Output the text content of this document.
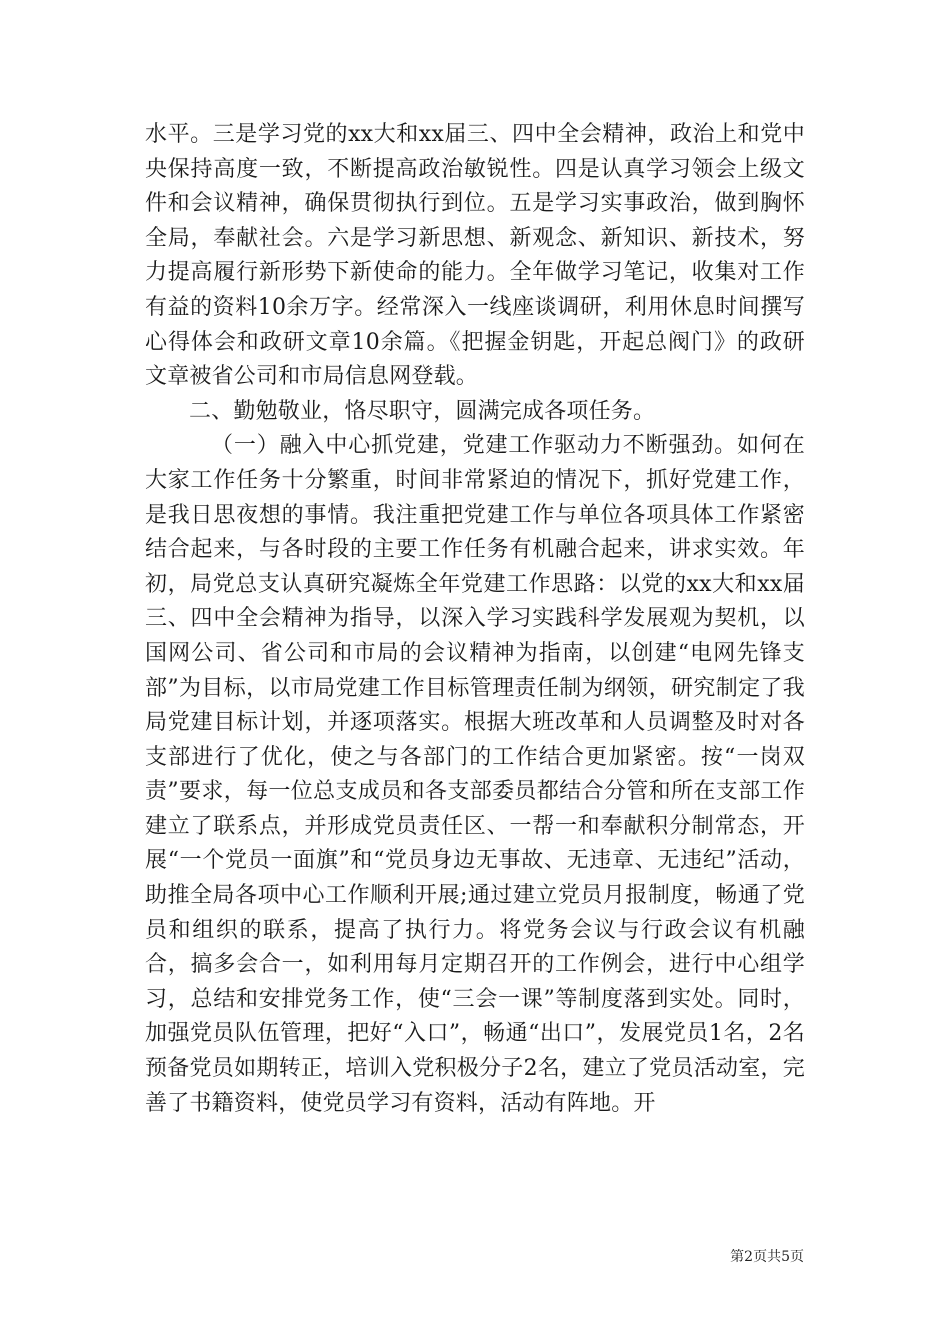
水平。三是学习党的xx大和xx届三、四中全会精神，政治上和党中央保持高度一致，不断提高政治敏锐性。四是认真学习领会上级文件和会议精神，确保贯彻执行到位。五是学习实事政治，做到胸怀全局，奉献社会。六是学习新思想、新观念、新知识、新技术，努力提高履行新形势下新使命的能力。全年做学习笔记，收集对工作有益的资料10余万字。经常深入一线座谈调研，利用休息时间撰写心得体会和政研文章10余篇。《把握金钥匙，开起总阀门》的政研文章被省公司和市局信息网登载。

二、勤勉敬业，恪尽职守，圆满完成各项任务。

（一）融入中心抓党建，党建工作驱动力不断强劲。如何在大家工作任务十分繁重，时间非常紧迫的情况下，抓好党建工作，是我日思夜想的事情。我注重把党建工作与单位各项具体工作紧密结合起来，与各时段的主要工作任务有机融合起来，讲求实效。年初，局党总支认真研究凝炼全年党建工作思路：以党的xx大和xx届三、四中全会精神为指导，以深入学习实践科学发展观为契机，以国网公司、省公司和市局的会议精神为指南，以创建“电网先锋支部”为目标，以市局党建工作目标管理责任制为纲领，研究制定了我局党建目标计划，并逐项落实。根据大班改革和人员调整及时对各支部进行了优化，使之与各部门的工作结合更加紧密。按“一岗双责”要求，每一位总支成员和各支部委员都结合分管和所在支部工作建立了联系点，并形成党员责任区、一帮一和奉献积分制常态，开展“一个党员一面旗”和“党员身边无事故、无违章、无违纪”活动，助推全局各项中心工作顺利开展;通过建立党员月报制度，畅通了党员和组织的联系，提高了执行力。将党务会议与行政会议有机融合，搞多会合一，如利用每月定期召开的工作例会，进行中心组学习，总结和安排党务工作，使“三会一课”等制度落到实处。同时，加强党员队伍管理，把好“入口”，畅通“出口”，发展党员1名，2名预备党员如期转正，培训入党积极分子2名，建立了党员活动室，完善了书籍资料，使党员学习有资料，活动有阵地。开

第2页共5页
